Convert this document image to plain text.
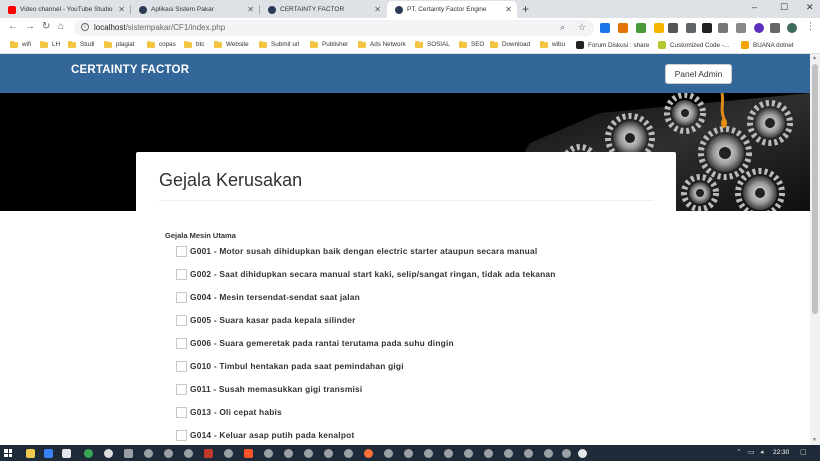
Video channel - YouTube Studio ✕	Aplikasi Sistem Pakar	✕	CERTAINTY FACTOR	✕	PT. Certainty Factor Engine ✕ +	–	☐ ✕
← → ↻ ⌂	i	localhost/sistempakar/CF1/index.php	⌕ ☆	⋮
wifi	LH	Studi	plagiat	copas	btc	Website	Submit url	Publisher	Ads Network	SOSIAL	SEO	Download	wibu	Forum Diskusi : share	Customized Code -...	BUANA dotnet
CERTAINTY FACTOR	Panel Admin
Gejala Kerusakan
Gejala Mesin Utama
G001 - Motor susah dihidupkan baik dengan electric starter ataupun secara manual
G002 - Saat dihidupkan secara manual start kaki, selip/sangat ringan, tidak ada tekanan
G004 - Mesin tersendat-sendat saat jalan
G005 - Suara kasar pada kepala silinder
G006 - Suara gemeretak pada rantai terutama pada suhu dingin
G010 - Timbul hentakan pada saat pemindahan gigi
G011 - Susah memasukkan gigi transmisi
G013 - Oli cepat habis
G014 - Keluar asap putih pada kenalpot
▲
▼
⌃ ▭ ◂ 22:30 ▢
